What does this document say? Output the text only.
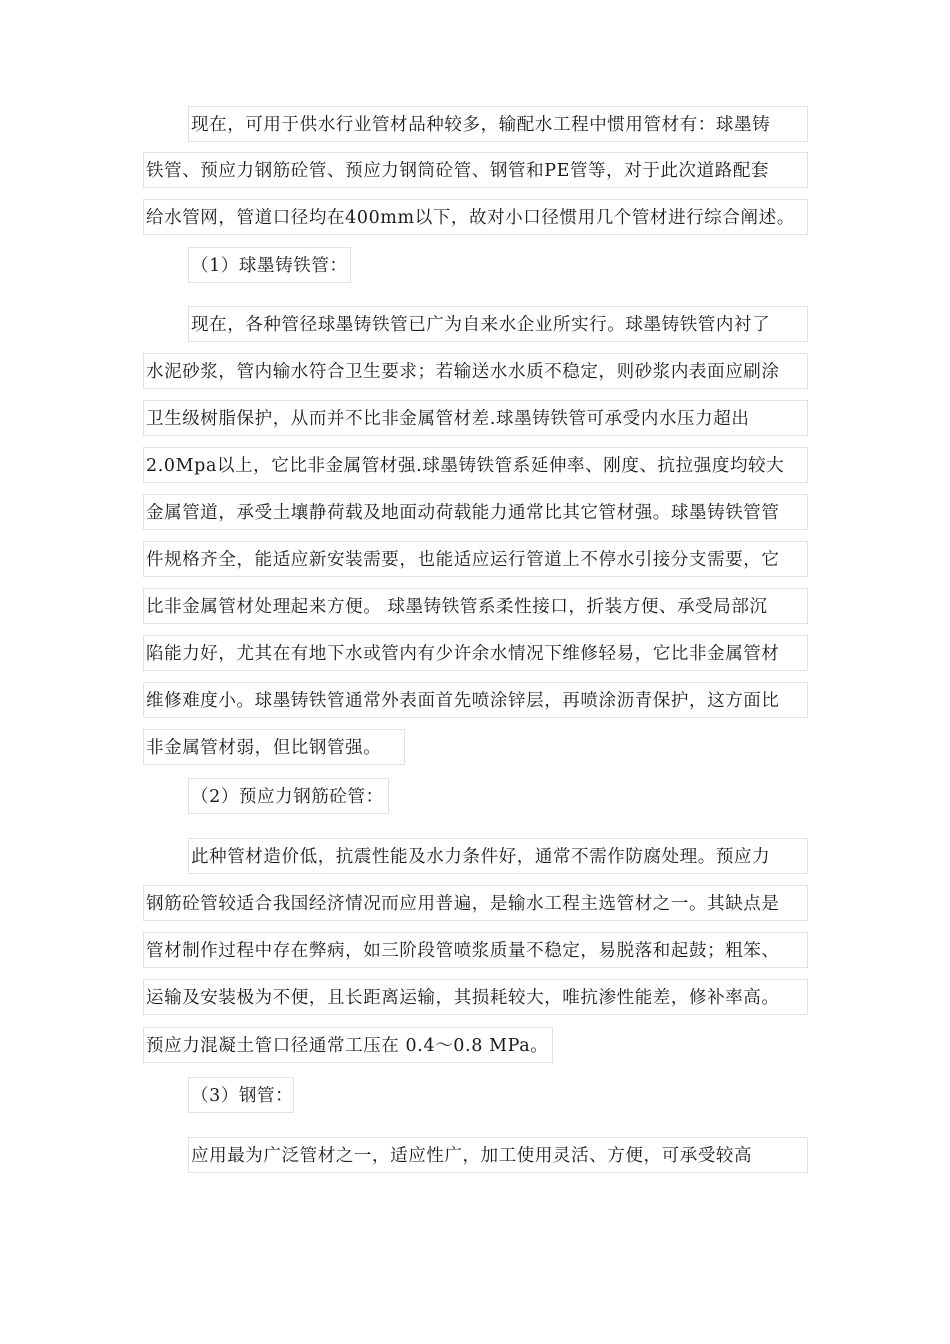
现在，可用于供水行业管材品种较多，输配水工程中惯用管材有：球墨铸
铁管、预应力钢筋砼管、预应力钢筒砼管、钢管和PE管等，对于此次道路配套
给水管网，管道口径均在400mm以下，故对小口径惯用几个管材进行综合阐述。
（1）球墨铸铁管：
现在，各种管径球墨铸铁管已广为自来水企业所实行。球墨铸铁管内衬了
水泥砂浆，管内输水符合卫生要求；若输送水水质不稳定，则砂浆内表面应刷涂
卫生级树脂保护，从而并不比非金属管材差.球墨铸铁管可承受内水压力超出
2.0Mpa以上，它比非金属管材强.球墨铸铁管系延伸率、刚度、抗拉强度均较大
金属管道，承受土壤静荷载及地面动荷载能力通常比其它管材强。球墨铸铁管管
件规格齐全，能适应新安装需要，也能适应运行管道上不停水引接分支需要，它
比非金属管材处理起来方便。 球墨铸铁管系柔性接口，折装方便、承受局部沉
陷能力好，尤其在有地下水或管内有少许余水情况下维修轻易，它比非金属管材
维修难度小。球墨铸铁管通常外表面首先喷涂锌层，再喷涂沥青保护，这方面比
非金属管材弱，但比钢管强。
（2）预应力钢筋砼管：
此种管材造价低，抗震性能及水力条件好，通常不需作防腐处理。预应力
钢筋砼管较适合我国经济情况而应用普遍，是输水工程主选管材之一。其缺点是
管材制作过程中存在弊病，如三阶段管喷浆质量不稳定，易脱落和起鼓；粗笨、
运输及安装极为不便，且长距离运输，其损耗较大，唯抗渗性能差，修补率高。
预应力混凝土管口径通常工压在 0.4～0.8 MPa。
（3）钢管：
应用最为广泛管材之一，适应性广，加工使用灵活、方便，可承受较高
